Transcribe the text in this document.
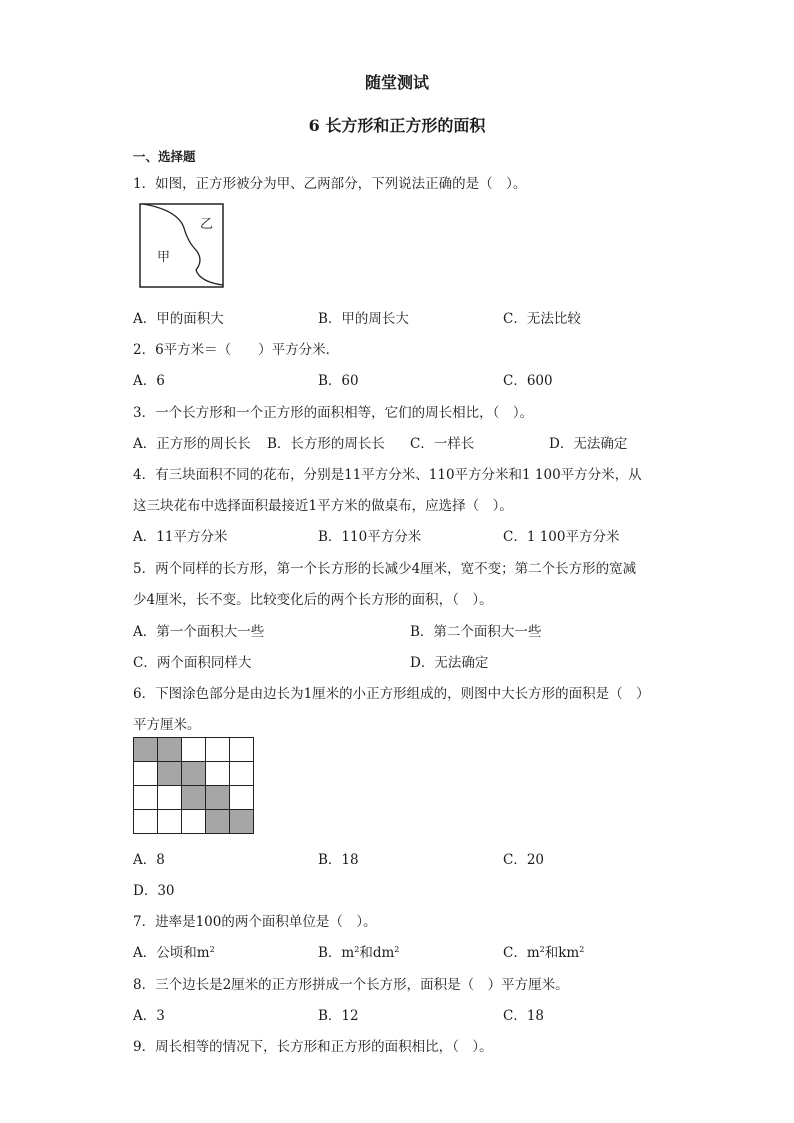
随堂测试
6 长方形和正方形的面积
一、选择题
1．如图，正方形被分为甲、乙两部分，下列说法正确的是（　）。
甲
乙
A．甲的面积大	B．甲的周长大	C．无法比较
2．6平方米＝（　　）平方分米．
A．6	B．60	C．600
3．一个长方形和一个正方形的面积相等，它们的周长相比，（　）。
A．正方形的周长长 B．长方形的周长长 C．一样长	D．无法确定
4．有三块面积不同的花布，分别是11平方分米、110平方分米和1 100平方分米，从
这三块花布中选择面积最接近1平方米的做桌布，应选择（　）。
A．11平方分米	B．110平方分米	C．1 100平方分米
5．两个同样的长方形，第一个长方形的长减少4厘米，宽不变；第二个长方形的宽减
少4厘米，长不变。比较变化后的两个长方形的面积，（　）。
A．第一个面积大一些	B．第二个面积大一些
C．两个面积同样大	D．无法确定
6．下图涂色部分是由边长为1厘米的小正方形组成的，则图中大长方形的面积是（　）
平方厘米。

A．8	B．18	C．20
D．30
7．进率是100的两个面积单位是（　）。
A．公顷和$m^2$	B．$m^2$和$dm^2$	C．$m^2$和$km^2$
8．三个边长是2厘米的正方形拼成一个长方形，面积是（　）平方厘米。
A．3	B．12	C．18
9．周长相等的情况下，长方形和正方形的面积相比，（　）。
